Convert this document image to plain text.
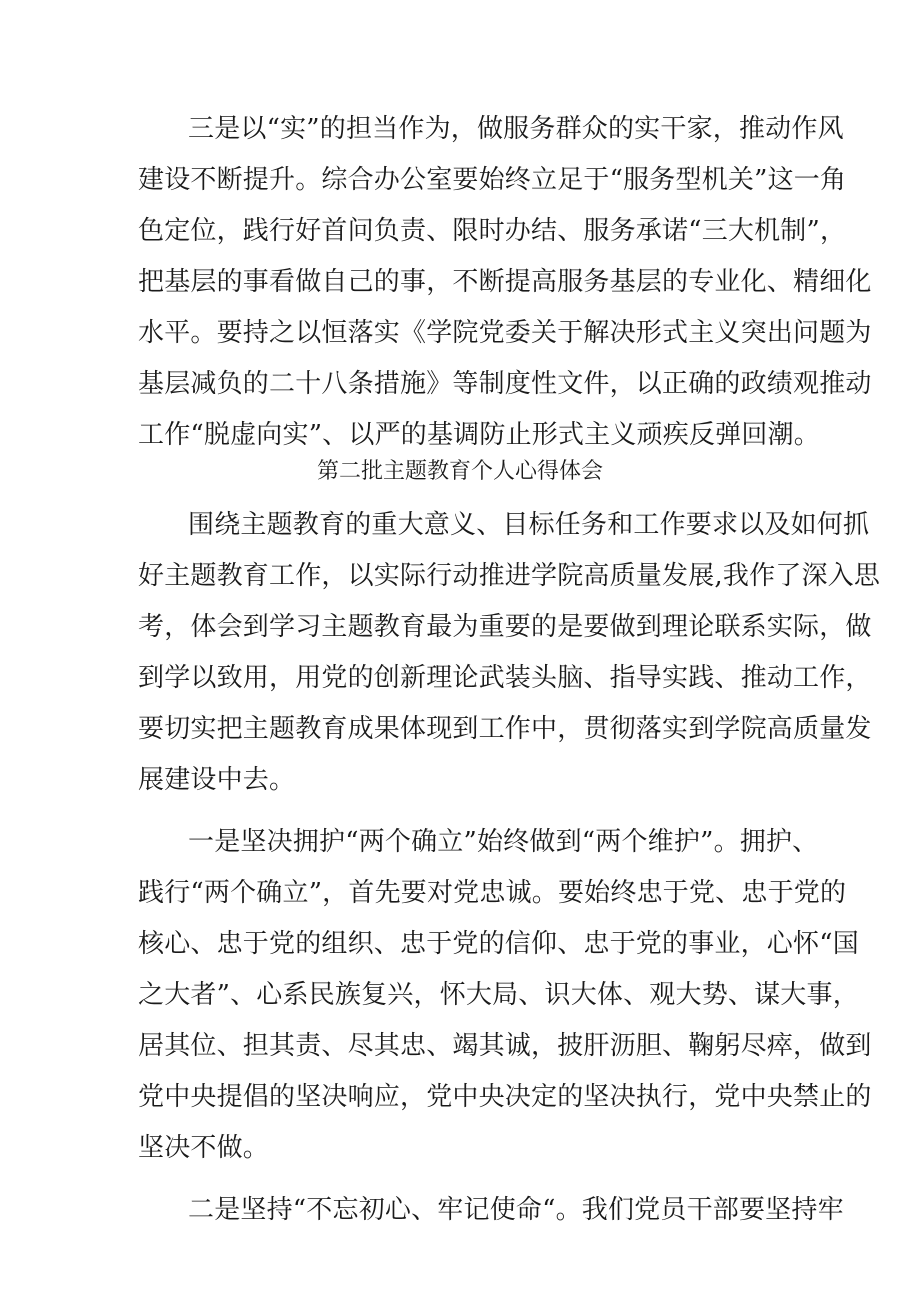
三是以“实”的担当作为，做服务群众的实干家，推动作风
建设不断提升。综合办公室要始终立足于“服务型机关”这一角
色定位，践行好首问负责、限时办结、服务承诺“三大机制”，
把基层的事看做自己的事，不断提高服务基层的专业化、精细化
水平。要持之以恒落实《学院党委关于解决形式主义突出问题为
基层减负的二十八条措施》等制度性文件，以正确的政绩观推动
工作“脱虚向实”、以严的基调防止形式主义顽疾反弹回潮。
第二批主题教育个人心得体会
围绕主题教育的重大意义、目标任务和工作要求以及如何抓
好主题教育工作，以实际行动推进学院高质量发展,我作了深入思
考，体会到学习主题教育最为重要的是要做到理论联系实际，做
到学以致用，用党的创新理论武装头脑、指导实践、推动工作，
要切实把主题教育成果体现到工作中，贯彻落实到学院高质量发
展建设中去。
一是坚决拥护“两个确立”始终做到“两个维护”。拥护、
践行“两个确立”，首先要对党忠诚。要始终忠于党、忠于党的
核心、忠于党的组织、忠于党的信仰、忠于党的事业，心怀“国
之大者”、心系民族复兴，怀大局、识大体、观大势、谋大事，
居其位、担其责、尽其忠、竭其诚，披肝沥胆、鞠躬尽瘁，做到
党中央提倡的坚决响应，党中央决定的坚决执行，党中央禁止的
坚决不做。
二是坚持“不忘初心、牢记使命“。我们党员干部要坚持牢
